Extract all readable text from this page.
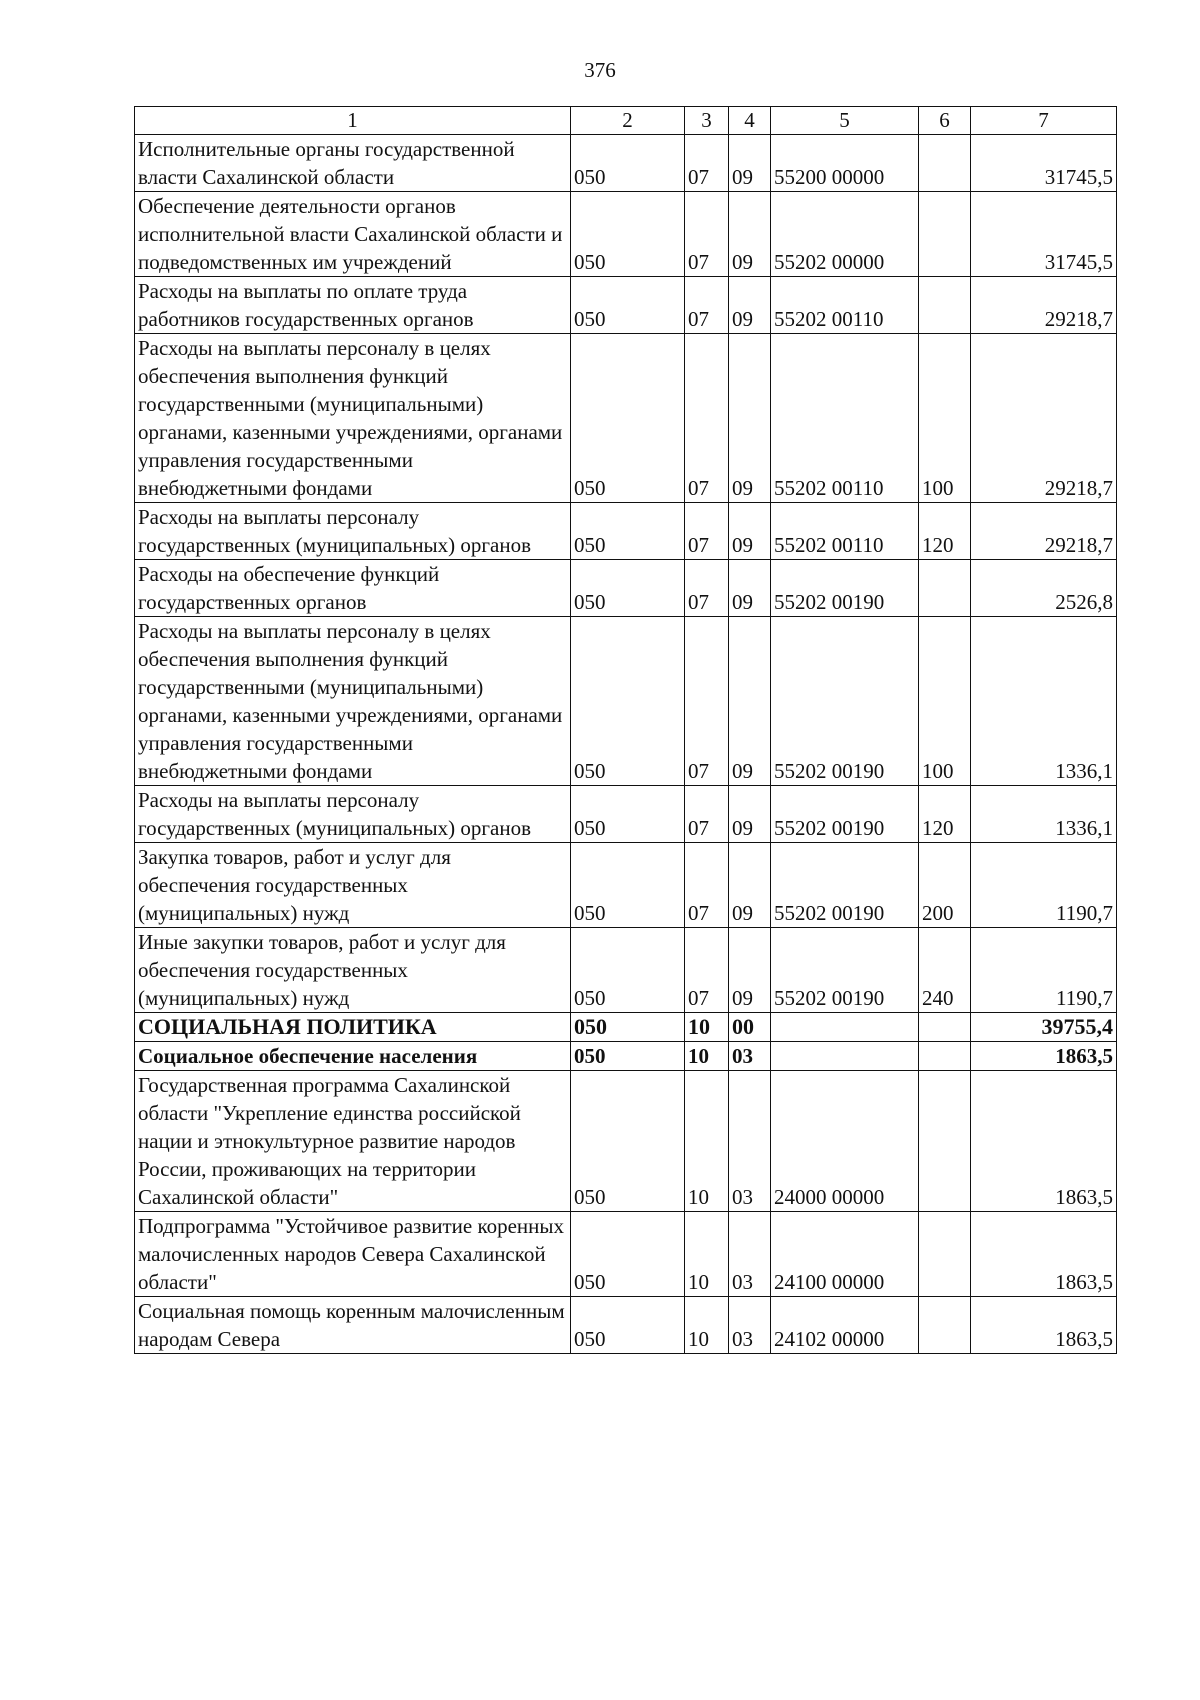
376
1	2	3	4	5	6	7
Исполнительные органы государственной власти Сахалинской области	050	07	09	55200 00000		31745,5
Обеспечение деятельности органов исполнительной власти Сахалинской области и подведомственных им учреждений	050	07	09	55202 00000		31745,5
Расходы на выплаты по оплате труда работников государственных органов	050	07	09	55202 00110		29218,7
Расходы на выплаты персоналу в целях обеспечения выполнения функций государственными (муниципальными) органами, казенными учреждениями, органами управления государственными внебюджетными фондами	050	07	09	55202 00110	100	29218,7
Расходы на выплаты персоналу государственных (муниципальных) органов	050	07	09	55202 00110	120	29218,7
Расходы на обеспечение функций государственных органов	050	07	09	55202 00190		2526,8
Расходы на выплаты персоналу в целях обеспечения выполнения функций государственными (муниципальными) органами, казенными учреждениями, органами управления государственными внебюджетными фондами	050	07	09	55202 00190	100	1336,1
Расходы на выплаты персоналу государственных (муниципальных) органов	050	07	09	55202 00190	120	1336,1
Закупка товаров, работ и услуг для обеспечения государственных (муниципальных) нужд	050	07	09	55202 00190	200	1190,7
Иные закупки товаров, работ и услуг для обеспечения государственных (муниципальных) нужд	050	07	09	55202 00190	240	1190,7
СОЦИАЛЬНАЯ ПОЛИТИКА	050	10	00			39755,4
Социальное обеспечение населения	050	10	03			1863,5
Государственная программа Сахалинской области "Укрепление единства российской нации и этнокультурное развитие народов России, проживающих на территории Сахалинской области"	050	10	03	24000 00000		1863,5
Подпрограмма "Устойчивое развитие коренных малочисленных народов Севера Сахалинской области"	050	10	03	24100 00000		1863,5
Социальная помощь коренным малочисленным народам Севера	050	10	03	24102 00000		1863,5
